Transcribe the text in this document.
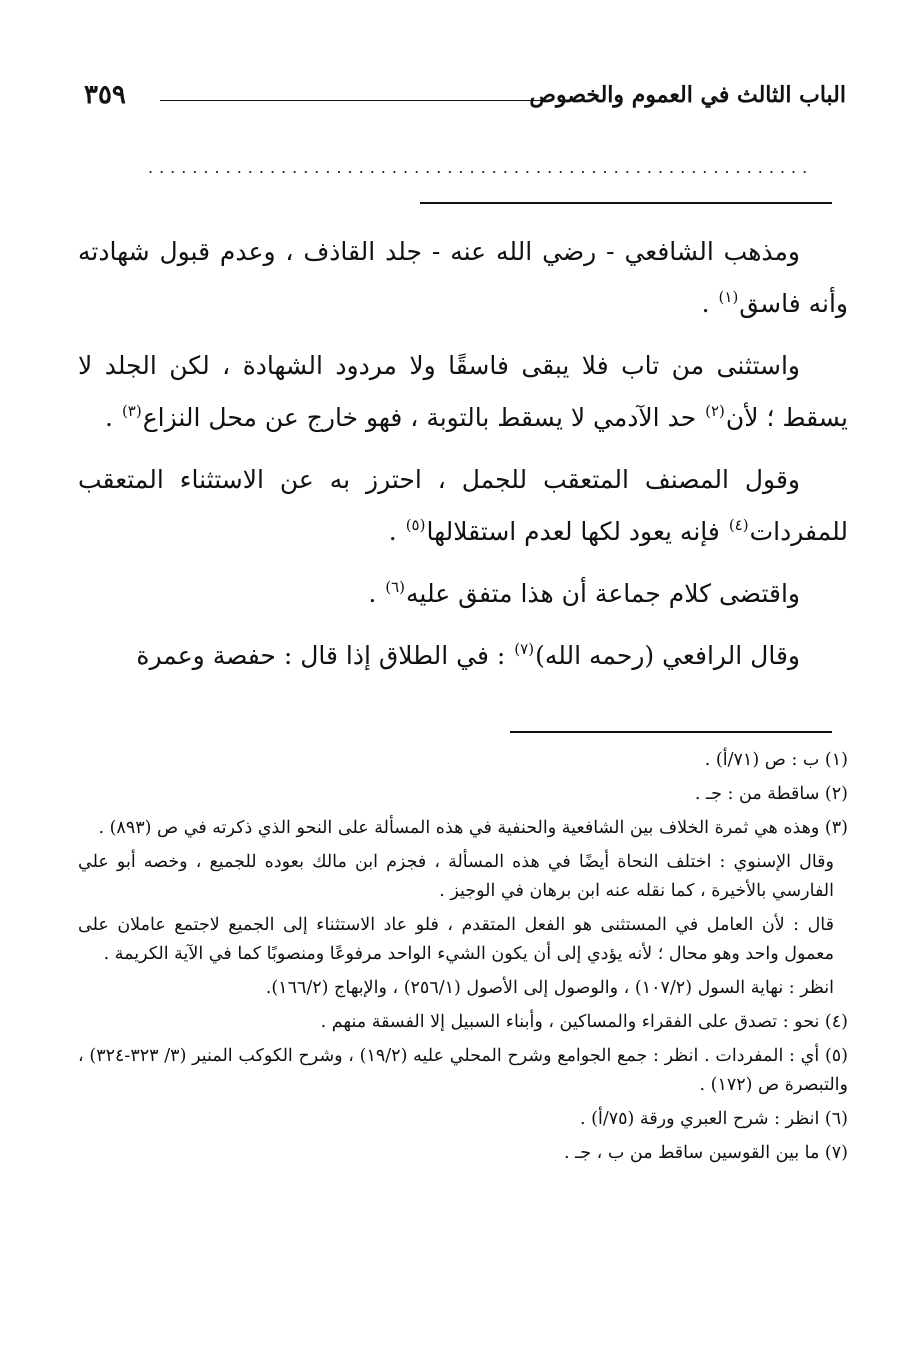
الباب الثالث في العموم والخصوص
٣٥٩
............................................................

ومذهب الشافعي - رضي الله عنه - جلد القاذف ، وعدم قبول شهادته وأنه فاسق$^{(١)}$ .

واستثنى من تاب فلا يبقى فاسقًا ولا مردود الشهادة ، لكن الجلد لا يسقط ؛ لأن$^{(٢)}$ حد الآدمي لا يسقط بالتوبة ، فهو خارج عن محل النزاع$^{(٣)}$ .

وقول المصنف المتعقب للجمل ، احترز به عن الاستثناء المتعقب للمفردات$^{(٤)}$ فإنه يعود لكها لعدم استقلالها$^{(٥)}$ .

واقتضى كلام جماعة أن هذا متفق عليه$^{(٦)}$ .

وقال الرافعي (رحمه الله)$^{(٧)}$ : في الطلاق إذا قال : حفصة وعمرة

(١) ب : ص (٧١/أ) .
(٢) ساقطة من : جـ .
(٣) وهذه هي ثمرة الخلاف بين الشافعية والحنفية في هذه المسألة على النحو الذي ذكرته في ص (٨٩٣) .
وقال الإسنوي : اختلف النحاة أيضًا في هذه المسألة ، فجزم ابن مالك بعوده للجميع ، وخصه أبو علي الفارسي بالأخيرة ، كما نقله عنه ابن برهان في الوجيز .
قال : لأن العامل في المستثنى هو الفعل المتقدم ، فلو عاد الاستثناء إلى الجميع لاجتمع عاملان على معمول واحد وهو محال ؛ لأنه يؤدي إلى أن يكون الشيء الواحد مرفوعًا ومنصوبًا كما في الآية الكريمة .
انظر : نهاية السول (١٠٧/٢) ، والوصول إلى الأصول (٢٥٦/١) ، والإبهاج (١٦٦/٢).
(٤) نحو : تصدق على الفقراء والمساكين ، وأبناء السبيل إلا الفسقة منهم .
(٥) أي : المفردات . انظر : جمع الجوامع وشرح المحلي عليه (١٩/٢) ، وشرح الكوكب المنير (٣/ ٣٢٣-٣٢٤) ، والتبصرة ص (١٧٢) .
(٦) انظر : شرح العبري ورقة (٧٥/أ) .
(٧) ما بين القوسين ساقط من ب ، جـ .
